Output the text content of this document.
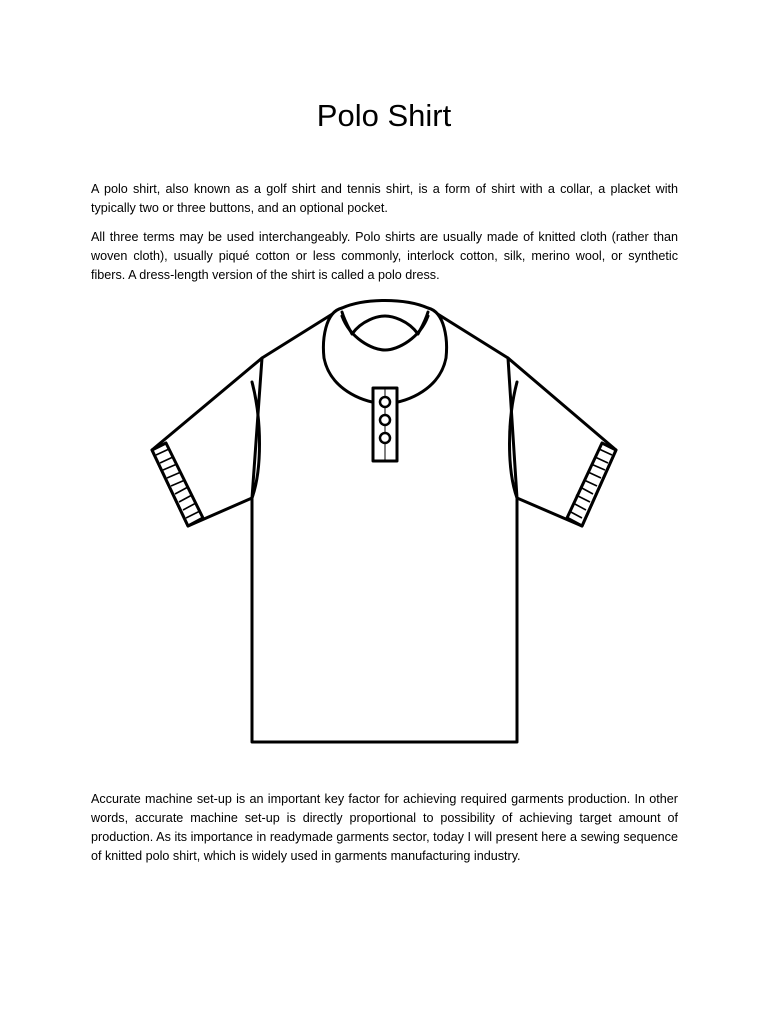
Polo Shirt

A polo shirt, also known as a golf shirt and tennis shirt, is a form of shirt with a collar, a placket with typically two or three buttons, and an optional pocket.

All three terms may be used interchangeably. Polo shirts are usually made of knitted cloth (rather than woven cloth), usually piqué cotton or less commonly, interlock cotton, silk, merino wool, or synthetic fibers. A dress-length version of the shirt is called a polo dress.

Accurate machine set-up is an important key factor for achieving required garments production. In other words, accurate machine set-up is directly proportional to possibility of achieving target amount of production. As its importance in readymade garments sector, today I will present here a sewing sequence of knitted polo shirt, which is widely used in garments manufacturing industry.
